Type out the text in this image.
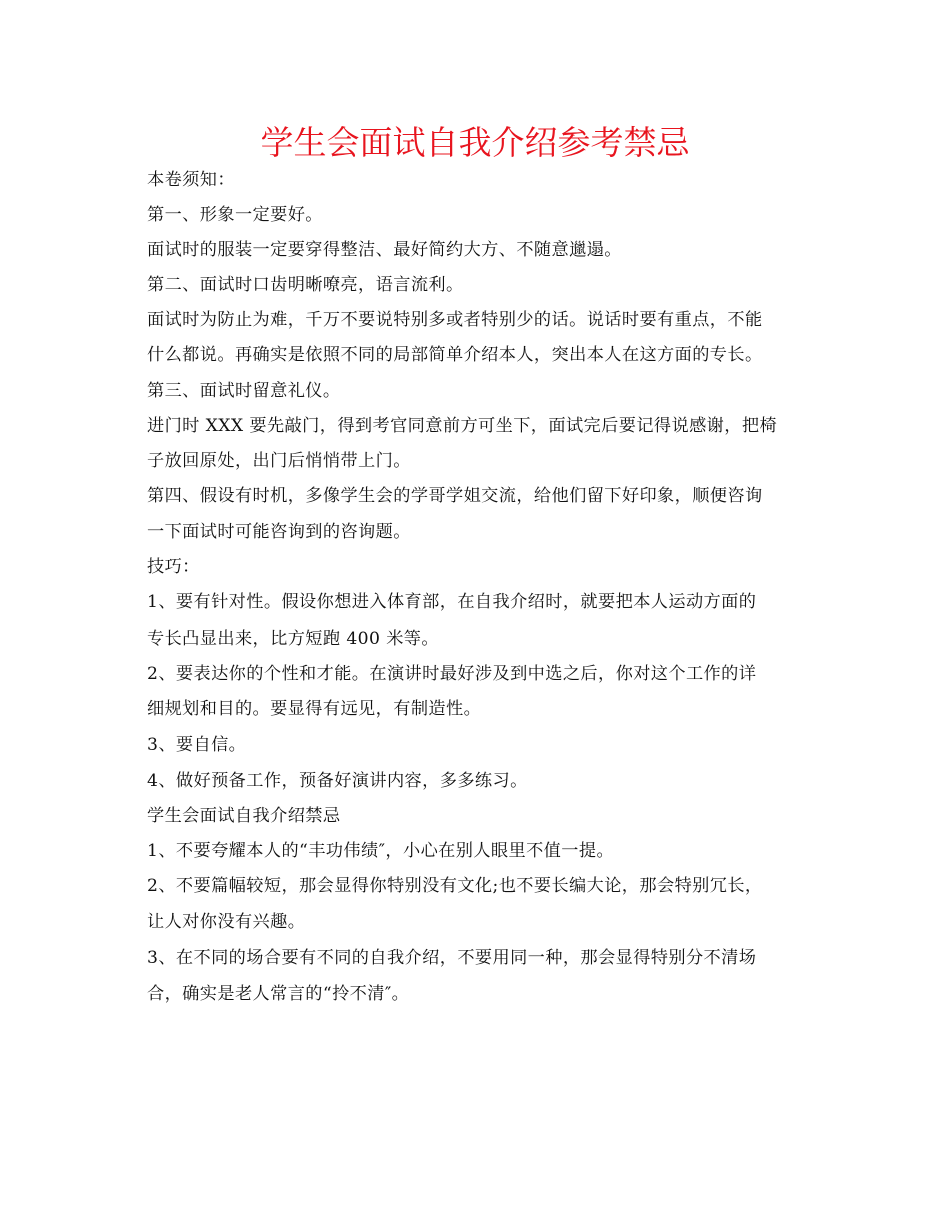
学生会面试自我介绍参考禁忌
本卷须知：
第一、形象一定要好。
面试时的服装一定要穿得整洁、最好简约大方、不随意邋遢。
第二、面试时口齿明晰嘹亮，语言流利。
面试时为防止为难，千万不要说特别多或者特别少的话。说话时要有重点，不能
什么都说。再确实是依照不同的局部简单介绍本人，突出本人在这方面的专长。
第三、面试时留意礼仪。
进门时 XXX 要先敲门，得到考官同意前方可坐下，面试完后要记得说感谢，把椅
子放回原处，出门后悄悄带上门。
第四、假设有时机，多像学生会的学哥学姐交流，给他们留下好印象，顺便咨询
一下面试时可能咨询到的咨询题。
技巧：
1、要有针对性。假设你想进入体育部，在自我介绍时，就要把本人运动方面的
专长凸显出来，比方短跑 400 米等。
2、要表达你的个性和才能。在演讲时最好涉及到中选之后，你对这个工作的详
细规划和目的。要显得有远见，有制造性。
3、要自信。
4、做好预备工作，预备好演讲内容，多多练习。
学生会面试自我介绍禁忌
1、不要夸耀本人的“丰功伟绩″，小心在别人眼里不值一提。
2、不要篇幅较短，那会显得你特别没有文化;也不要长编大论，那会特别冗长，
让人对你没有兴趣。
3、在不同的场合要有不同的自我介绍，不要用同一种，那会显得特别分不清场
合，确实是老人常言的“拎不清″。
